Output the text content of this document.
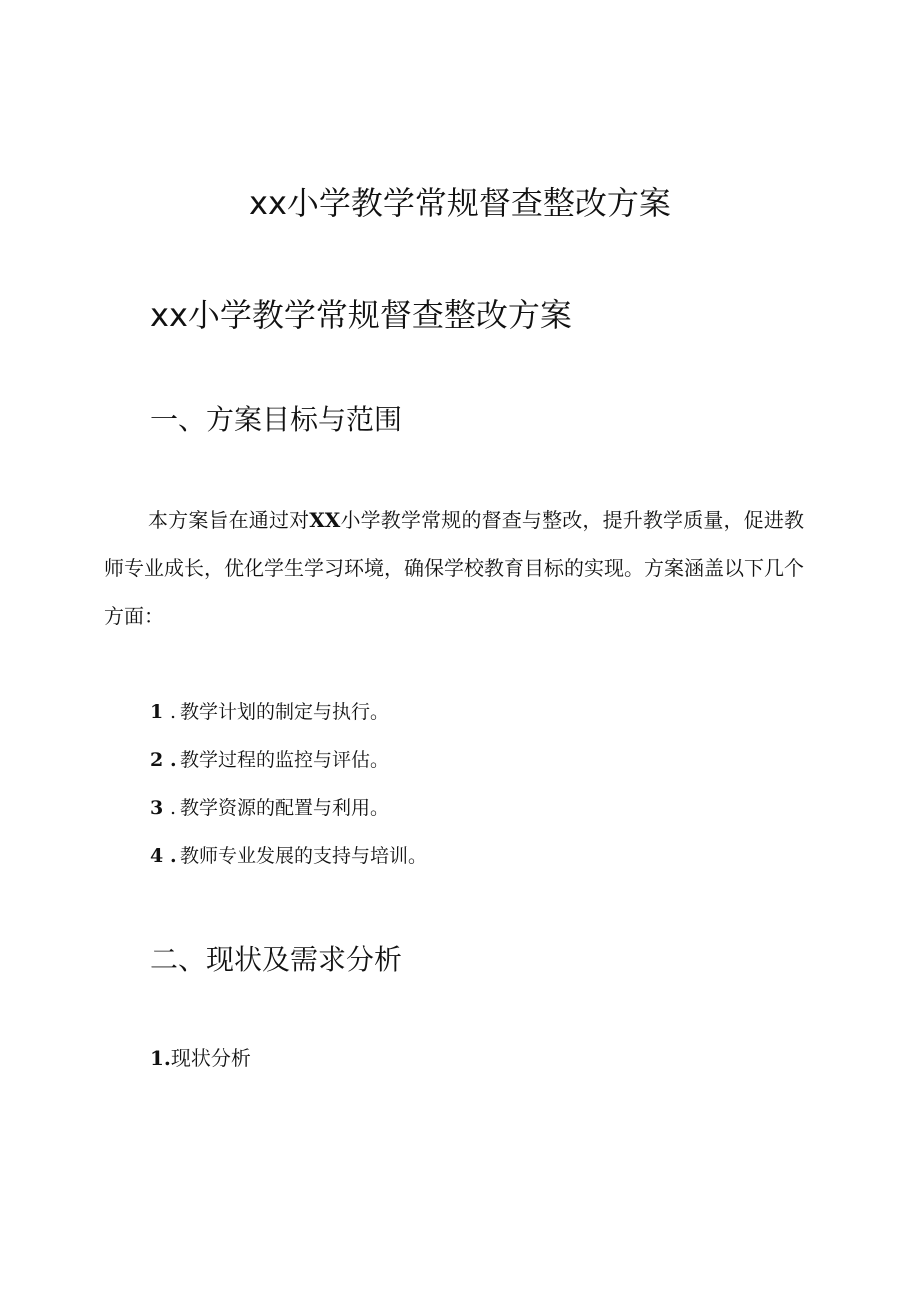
xx小学教学常规督查整改方案
xx小学教学常规督查整改方案
一、方案目标与范围

本方案旨在通过对XX小学教学常规的督查与整改，提升教学质量，促进教师专业成长，优化学生学习环境，确保学校教育目标的实现。方案涵盖以下几个方面：

1 . 教学计划的制定与执行。
2 . 教学过程的监控与评估。
3 . 教学资源的配置与利用。
4 . 教师专业发展的支持与培训。
二、现状及需求分析

1.现状分析
